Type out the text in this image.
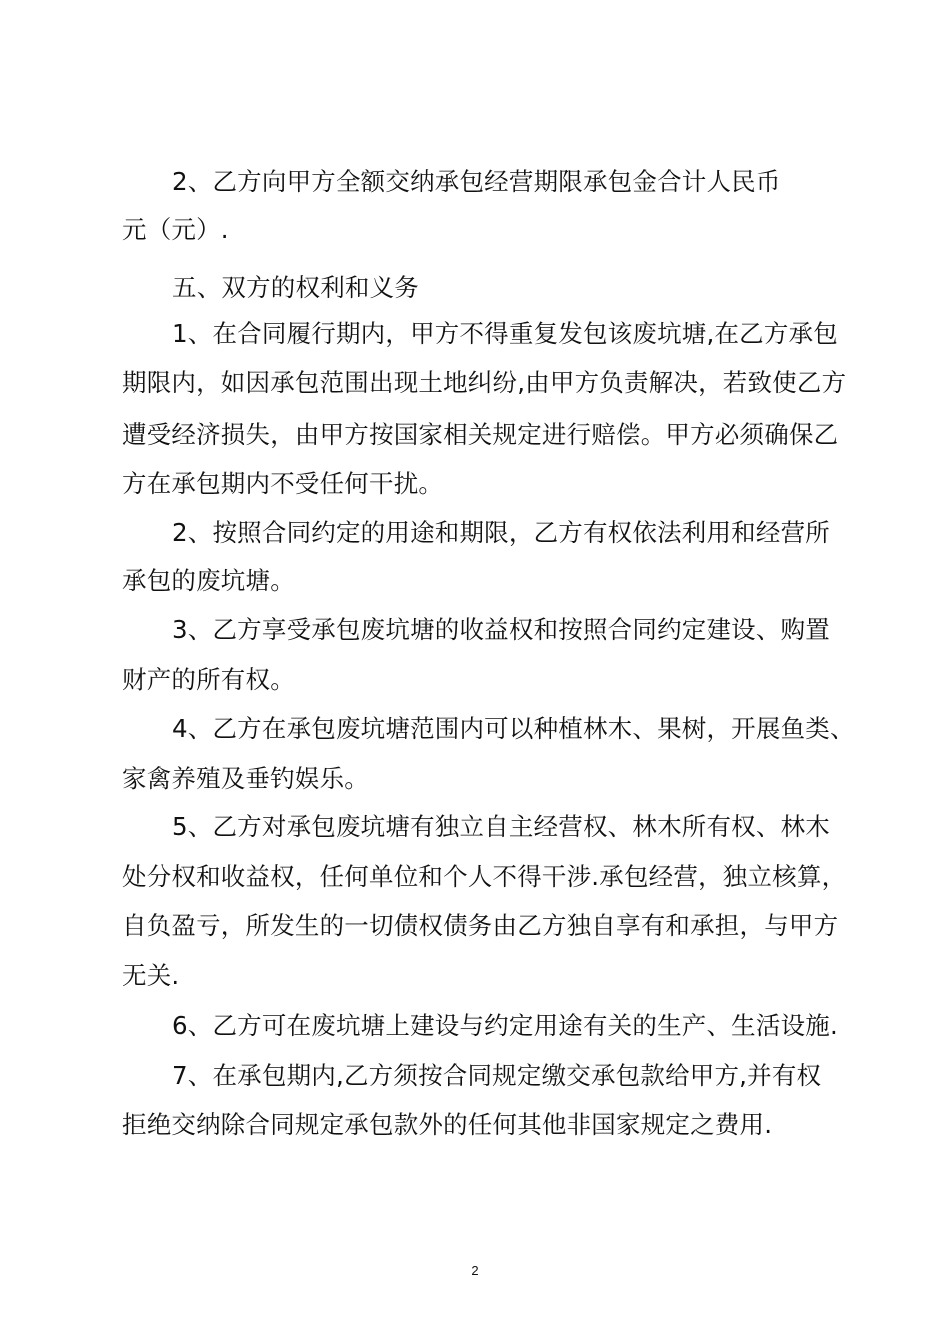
2、乙方向甲方全额交纳承包经营期限承包金合计人民币
元（元）.
五、双方的权利和义务
1、在合同履行期内，甲方不得重复发包该废坑塘,在乙方承包
期限内，如因承包范围出现土地纠纷,由甲方负责解决，若致使乙方
遭受经济损失，由甲方按国家相关规定进行赔偿。甲方必须确保乙
方在承包期内不受任何干扰。
2、按照合同约定的用途和期限，乙方有权依法利用和经营所
承包的废坑塘。
3、乙方享受承包废坑塘的收益权和按照合同约定建设、购置
财产的所有权。
4、乙方在承包废坑塘范围内可以种植林木、果树，开展鱼类、
家禽养殖及垂钓娱乐。
5、乙方对承包废坑塘有独立自主经营权、林木所有权、林木
处分权和收益权，任何单位和个人不得干涉.承包经营，独立核算，
自负盈亏，所发生的一切债权债务由乙方独自享有和承担，与甲方
无关.
6、乙方可在废坑塘上建设与约定用途有关的生产、生活设施.
7、在承包期内,乙方须按合同规定缴交承包款给甲方,并有权
拒绝交纳除合同规定承包款外的任何其他非国家规定之费用.
2
